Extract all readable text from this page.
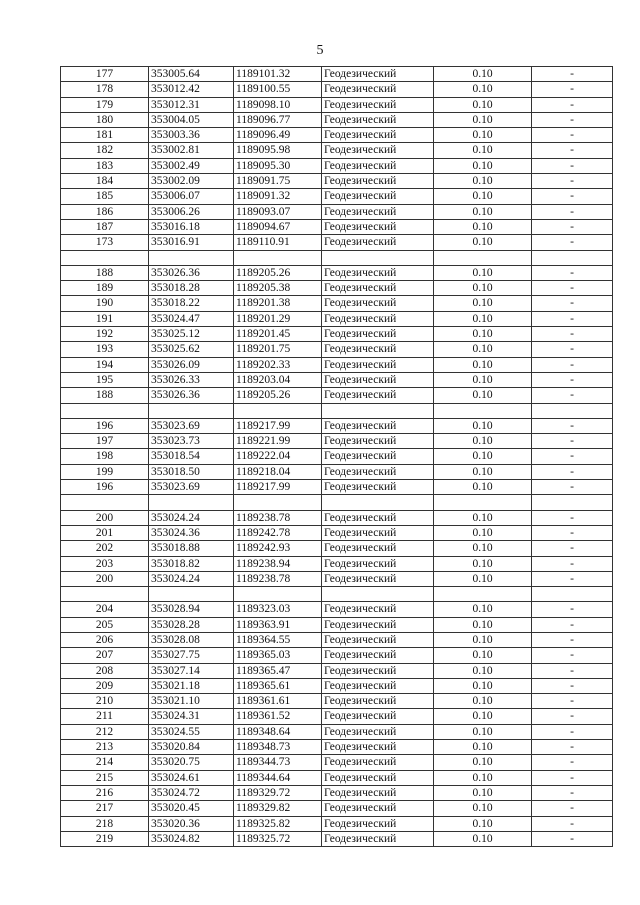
5
177	353005.64	1189101.32	Геодезический	0.10	-
178	353012.42	1189100.55	Геодезический	0.10	-
179	353012.31	1189098.10	Геодезический	0.10	-
180	353004.05	1189096.77	Геодезический	0.10	-
181	353003.36	1189096.49	Геодезический	0.10	-
182	353002.81	1189095.98	Геодезический	0.10	-
183	353002.49	1189095.30	Геодезический	0.10	-
184	353002.09	1189091.75	Геодезический	0.10	-
185	353006.07	1189091.32	Геодезический	0.10	-
186	353006.26	1189093.07	Геодезический	0.10	-
187	353016.18	1189094.67	Геодезический	0.10	-
173	353016.91	1189110.91	Геодезический	0.10	-

188	353026.36	1189205.26	Геодезический	0.10	-
189	353018.28	1189205.38	Геодезический	0.10	-
190	353018.22	1189201.38	Геодезический	0.10	-
191	353024.47	1189201.29	Геодезический	0.10	-
192	353025.12	1189201.45	Геодезический	0.10	-
193	353025.62	1189201.75	Геодезический	0.10	-
194	353026.09	1189202.33	Геодезический	0.10	-
195	353026.33	1189203.04	Геодезический	0.10	-
188	353026.36	1189205.26	Геодезический	0.10	-

196	353023.69	1189217.99	Геодезический	0.10	-
197	353023.73	1189221.99	Геодезический	0.10	-
198	353018.54	1189222.04	Геодезический	0.10	-
199	353018.50	1189218.04	Геодезический	0.10	-
196	353023.69	1189217.99	Геодезический	0.10	-

200	353024.24	1189238.78	Геодезический	0.10	-
201	353024.36	1189242.78	Геодезический	0.10	-
202	353018.88	1189242.93	Геодезический	0.10	-
203	353018.82	1189238.94	Геодезический	0.10	-
200	353024.24	1189238.78	Геодезический	0.10	-

204	353028.94	1189323.03	Геодезический	0.10	-
205	353028.28	1189363.91	Геодезический	0.10	-
206	353028.08	1189364.55	Геодезический	0.10	-
207	353027.75	1189365.03	Геодезический	0.10	-
208	353027.14	1189365.47	Геодезический	0.10	-
209	353021.18	1189365.61	Геодезический	0.10	-
210	353021.10	1189361.61	Геодезический	0.10	-
211	353024.31	1189361.52	Геодезический	0.10	-
212	353024.55	1189348.64	Геодезический	0.10	-
213	353020.84	1189348.73	Геодезический	0.10	-
214	353020.75	1189344.73	Геодезический	0.10	-
215	353024.61	1189344.64	Геодезический	0.10	-
216	353024.72	1189329.72	Геодезический	0.10	-
217	353020.45	1189329.82	Геодезический	0.10	-
218	353020.36	1189325.82	Геодезический	0.10	-
219	353024.82	1189325.72	Геодезический	0.10	-
